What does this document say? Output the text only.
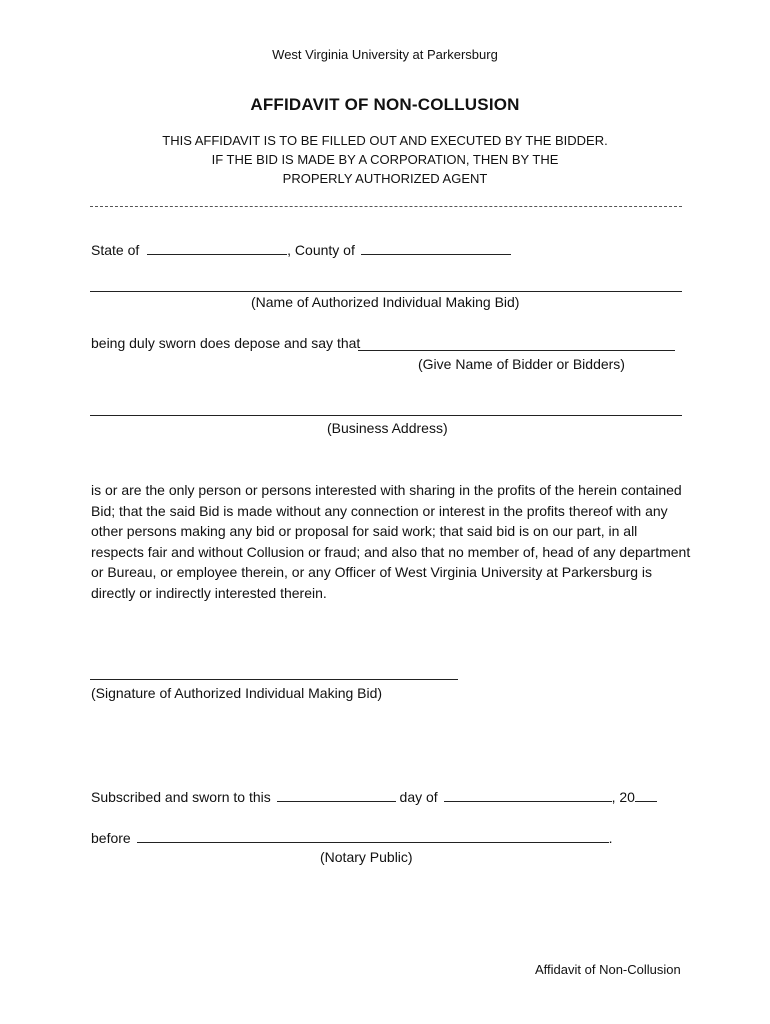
West Virginia University at Parkersburg
AFFIDAVIT OF NON-COLLUSION
THIS AFFIDAVIT IS TO BE FILLED OUT AND EXECUTED BY THE BIDDER.
IF THE BID IS MADE BY A CORPORATION, THEN BY THE
PROPERLY AUTHORIZED AGENT
State of	, County of
(Name of Authorized Individual Making Bid)
being duly sworn does depose and say that
(Give Name of Bidder or Bidders)
(Business Address)
is or are the only person or persons interested with sharing in the profits of the herein contained Bid; that the said Bid is made without any connection or interest in the profits thereof with any other persons making any bid or proposal for said work; that said bid is on our part, in all respects fair and without Collusion or fraud; and also that no member of, head of any department or Bureau, or employee therein, or any Officer of West Virginia University at Parkersburg is directly or indirectly interested therein.
(Signature of Authorized Individual Making Bid)
Subscribed and sworn to this	day of	, 20
before	.
(Notary Public)
Affidavit of Non-Collusion
